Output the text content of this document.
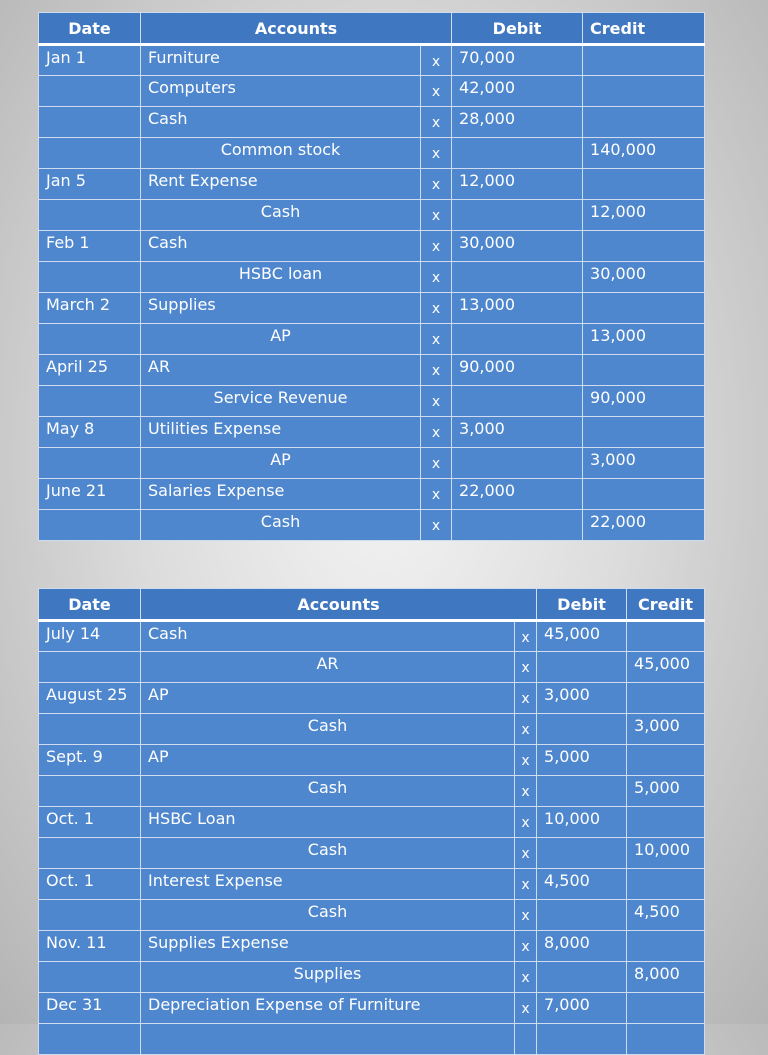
Date	Accounts		Debit	Credit
Jan 1	Furniture	x	70,000	
	Computers	x	42,000	
	Cash	x	28,000	
	Common stock	x		140,000
Jan 5	Rent Expense	x	12,000	
	Cash	x		12,000
Feb 1	Cash	x	30,000	
	HSBC loan	x		30,000
March 2	Supplies	x	13,000	
	AP	x		13,000
April 25	AR	x	90,000	
	Service Revenue	x		90,000
May 8	Utilities Expense	x	3,000	
	AP	x		3,000
June 21	Salaries Expense	x	22,000	
	Cash	x		22,000
Date	Accounts		Debit	Credit
July 14	Cash	x	45,000	
	AR	x		45,000
August 25	AP	x	3,000	
	Cash	x		3,000
Sept. 9	AP	x	5,000	
	Cash	x		5,000
Oct. 1	HSBC Loan	x	10,000	
	Cash	x		10,000
Oct. 1	Interest Expense	x	4,500	
	Cash	x		4,500
Nov. 11	Supplies Expense	x	8,000	
	Supplies	x		8,000
Dec 31	Depreciation Expense of Furniture	x	7,000	
